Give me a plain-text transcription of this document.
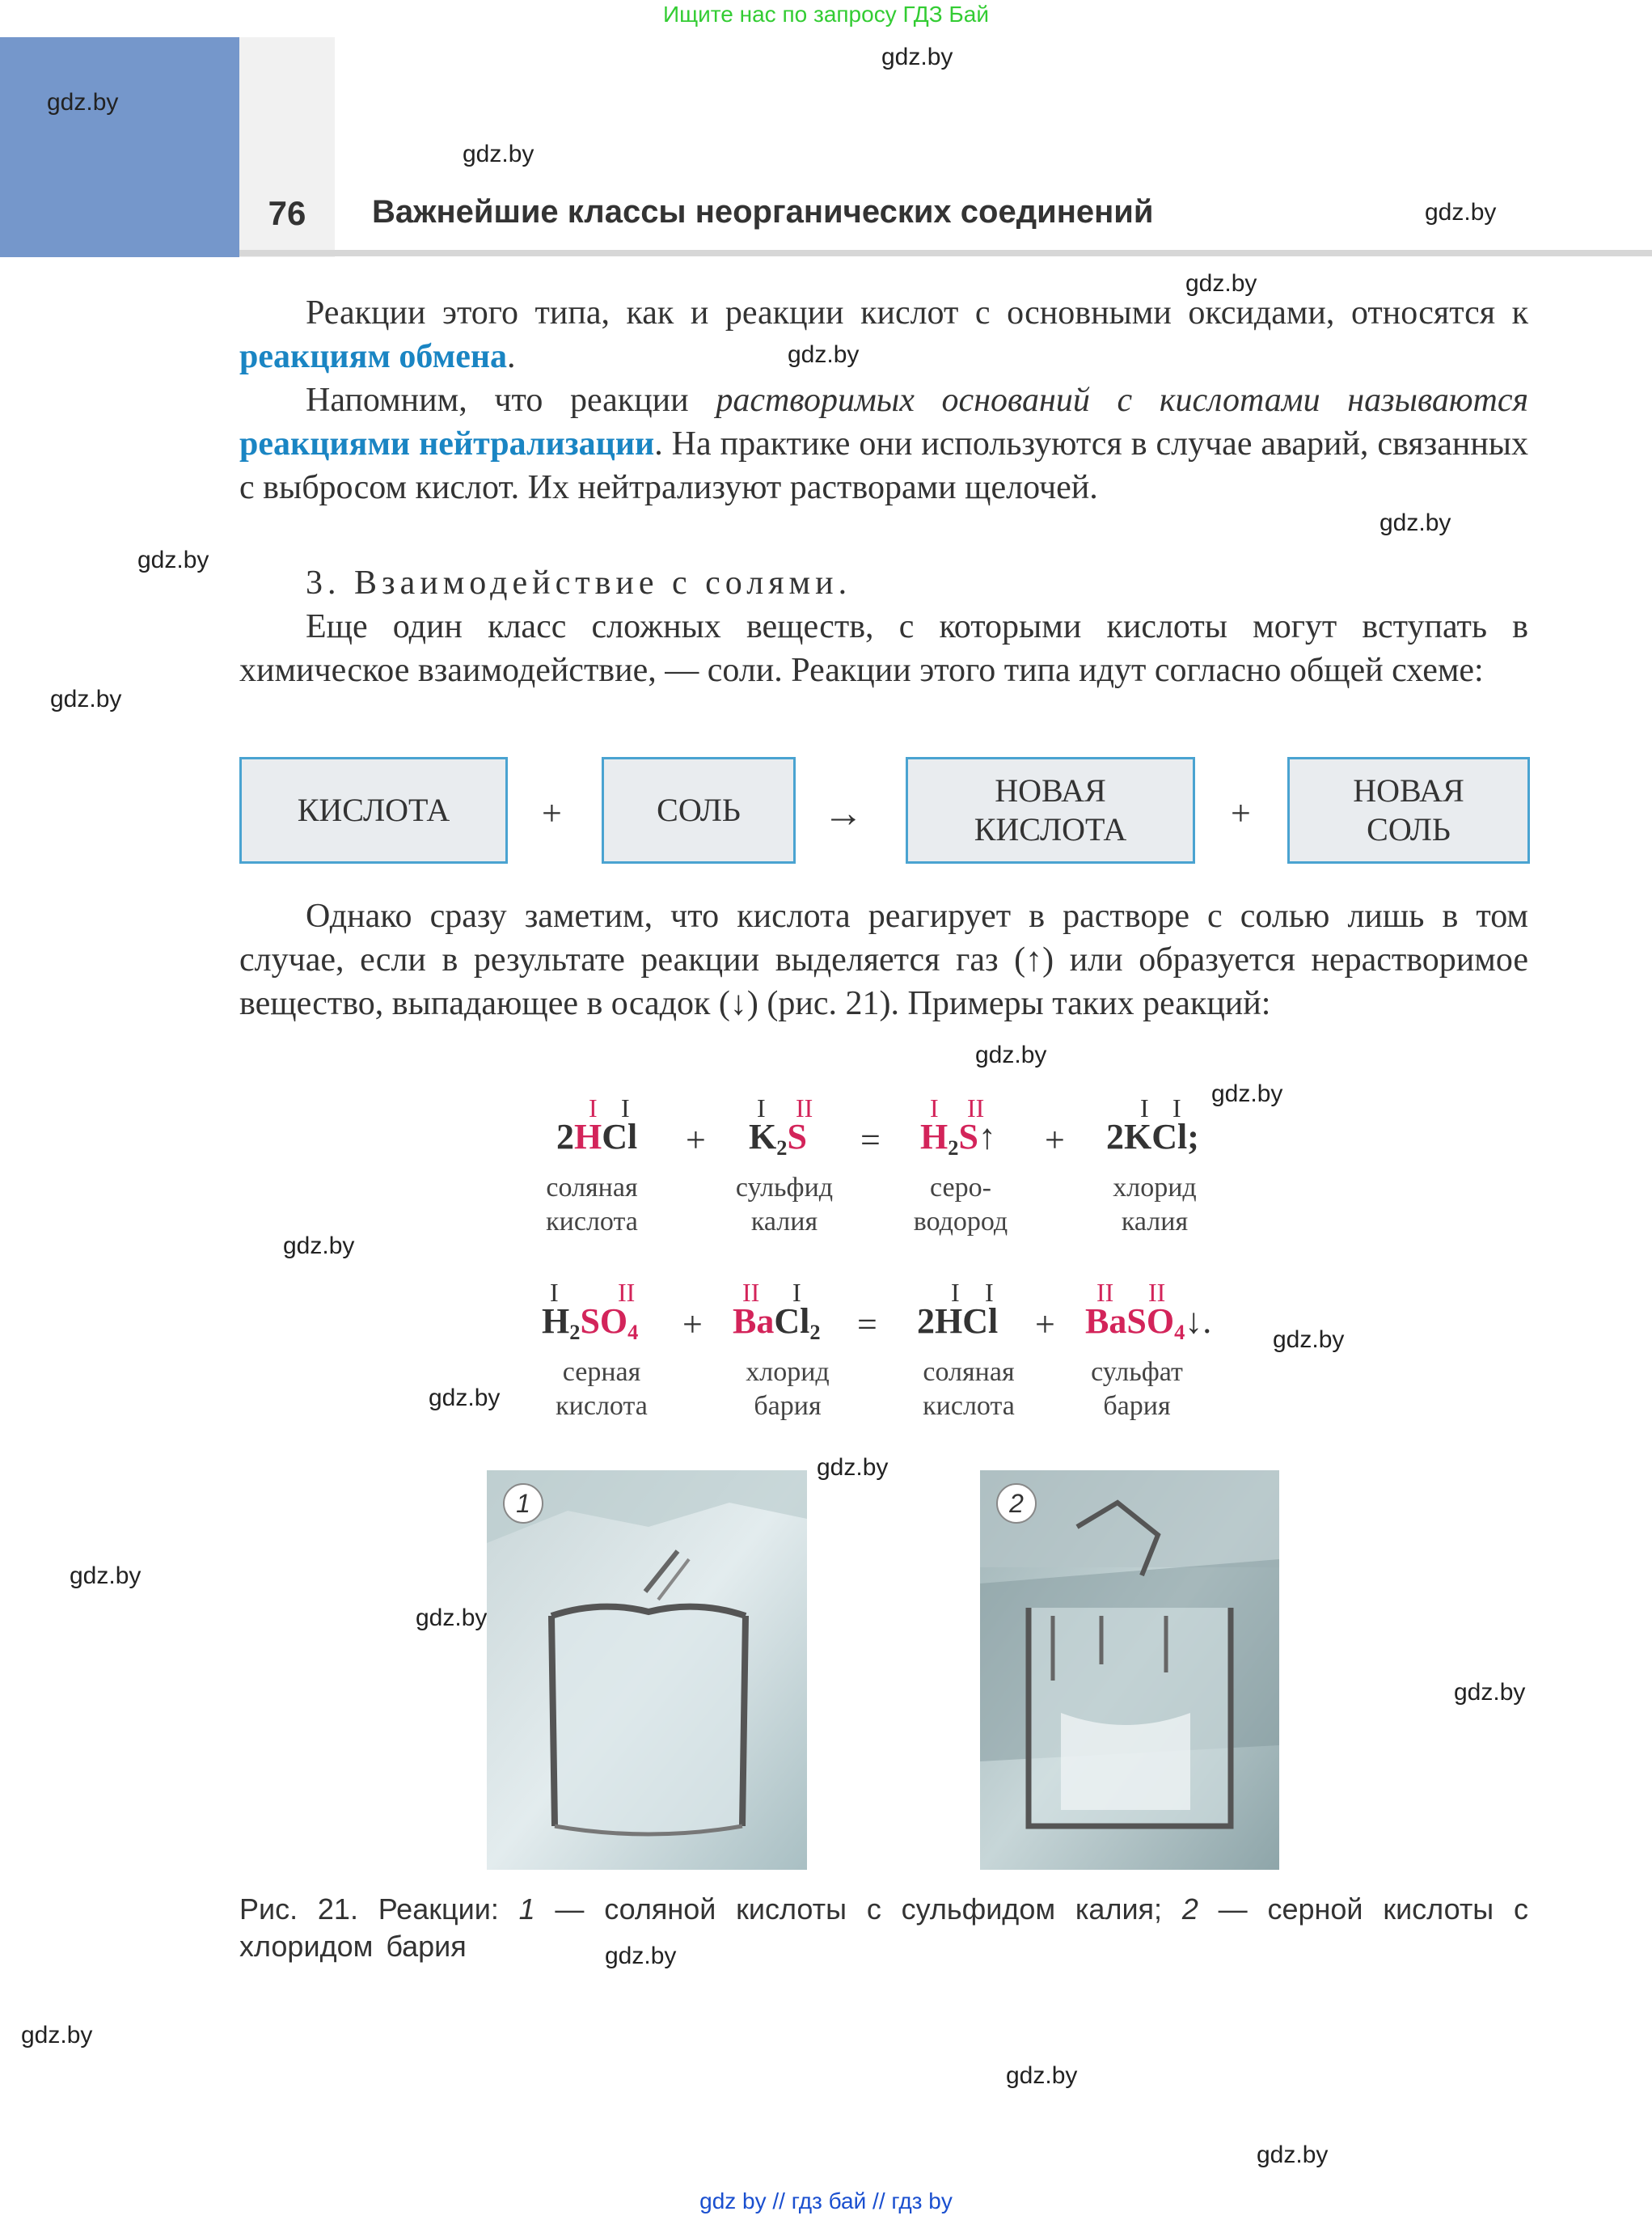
Ищите нас по запросу ГДЗ Бай
76	Важнейшие классы неорганических соединений
gdz.by
gdz.by
gdz.by
gdz.by
gdz.by
gdz.by
gdz.by
gdz.by
gdz.by
gdz.by
gdz.by
gdz.by
gdz.by
gdz.by
gdz.by
gdz.by
gdz.by
gdz.by
gdz.by
gdz.by
gdz.by
gdz.by
Реакции этого типа, как и реакции кислот с основными оксидами, относятся к реакциям обмена.
Напомним, что реакции растворимых оснований с кислотами называются реакциями нейтрализации. На практике они используются в случае аварий, связанных с выбросом кислот. Их нейтрализуют растворами щелочей.
3. Взаимодействие с солями.
Еще один класс сложных веществ, с которыми кислоты могут вступать в химическое взаимодействие, — соли. Реакции этого типа идут согласно общей схеме:
КИСЛОТА	+	СОЛЬ →	НОВАЯ
КИСЛОТА	+
НОВАЯ
СОЛЬ
Однако сразу заметим, что кислота реагирует в растворе с солью лишь в том случае, если в результате реакции выделяется газ (↑) или образуется нерастворимое вещество, выпадающее в осадок (↓) (рис. 21). Примеры таких реакций:
I I
2HCl +
I II
$K_2S$ =
I II
$H_2S↑$ +
I I
2KCl;
соляная
кислота
сульфид
калия
серо-
водород
хлорид
калия
I II
$H_2SO_4$ +
II I
BaCl$_2$ =
I I
2HCl +
II II
BaSO$_4$↓.
серная
кислота
хлорид
бария
соляная
кислота
сульфат
бария
1	2
Рис. 21. Реакции: 1 — соляной кислоты с сульфидом калия; 2 — серной кислоты с хлоридом бария
gdz by // гдз бай // гдз by
